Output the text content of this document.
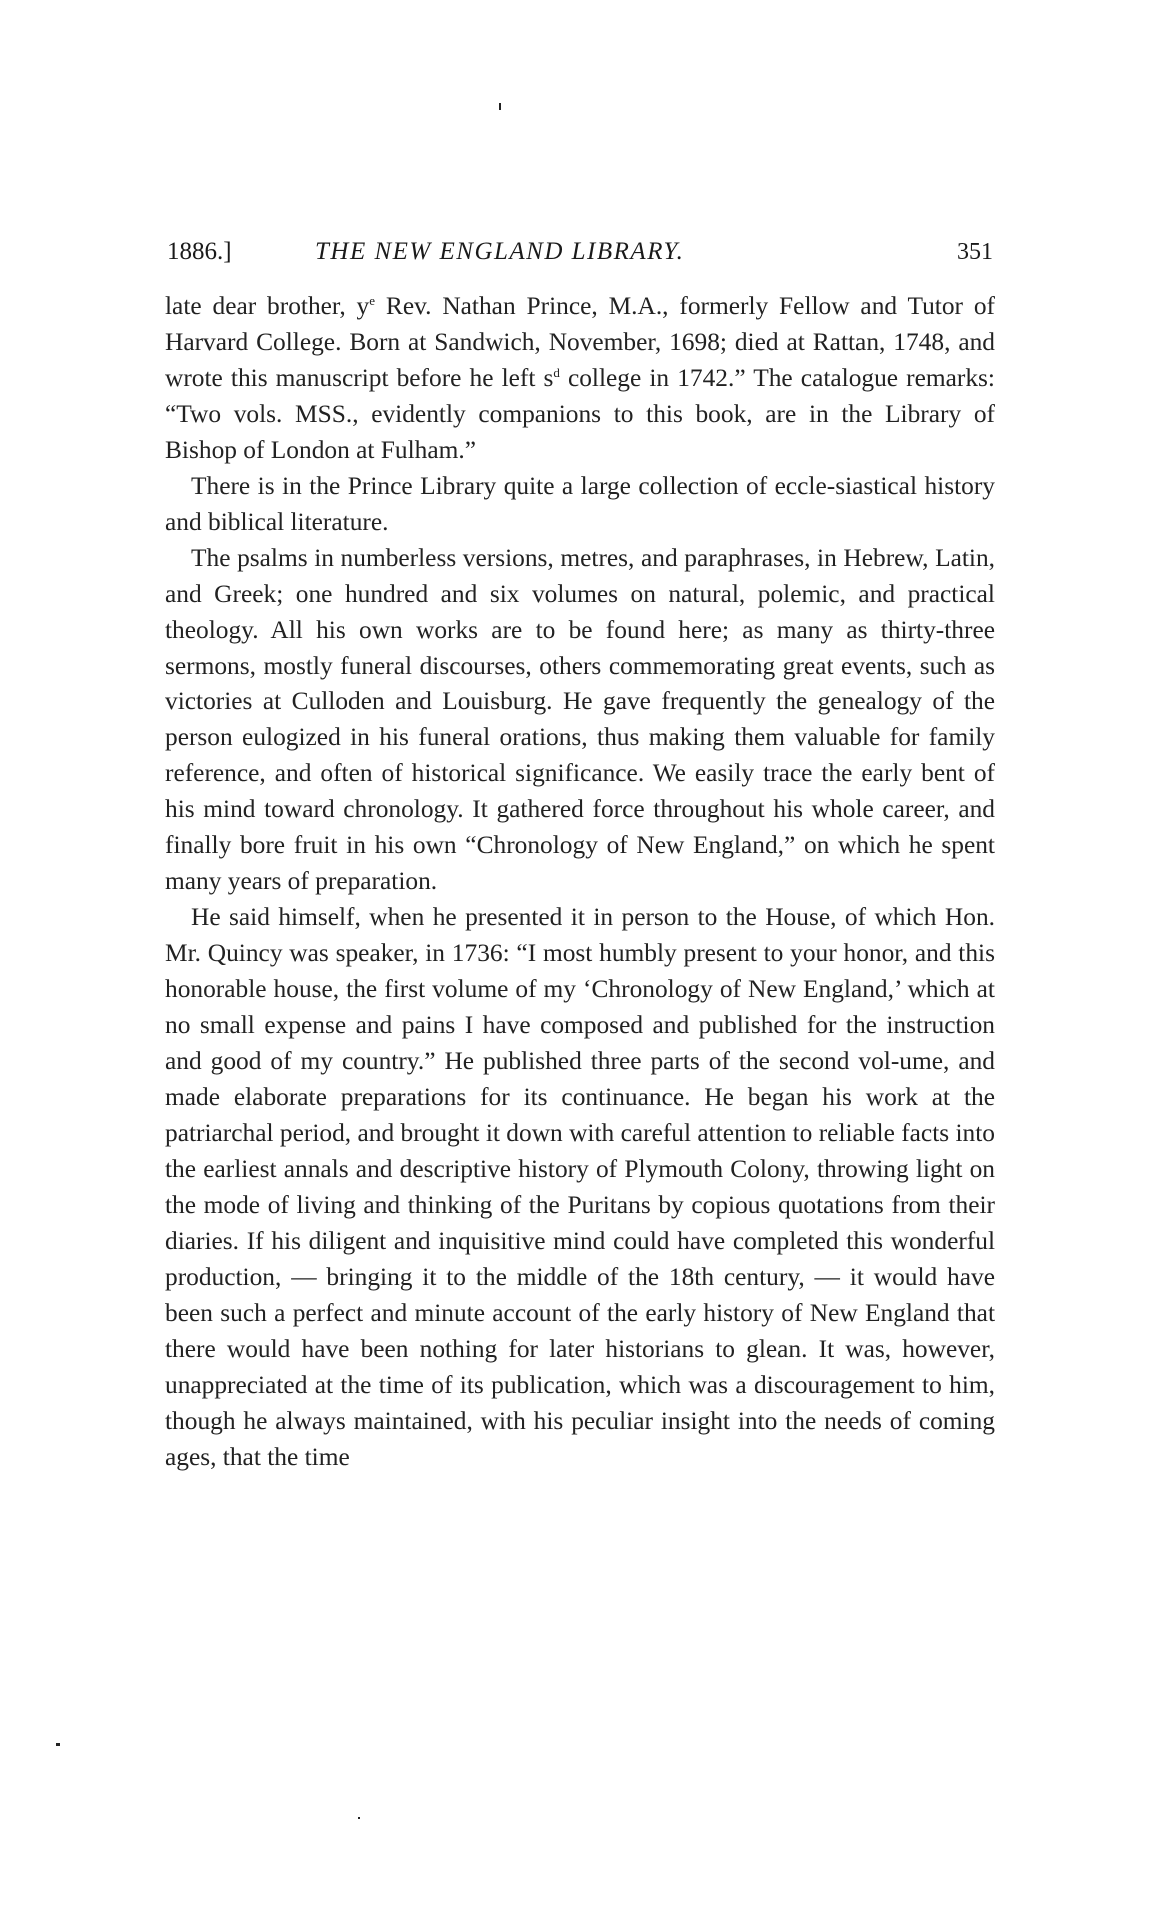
1886.]	THE NEW ENGLAND LIBRARY.	351

late dear brother, $y^e$ Rev. Nathan Prince, M.A., formerly Fellow and Tutor of Harvard College. Born at Sandwich, November, 1698; died at Rattan, 1748, and wrote this manuscript before he left $s^d$ college in 1742.” The catalogue remarks: “Two vols. MSS., evidently companions to this book, are in the Library of Bishop of London at Fulham.”

There is in the Prince Library quite a large collection of eccle-siastical history and biblical literature.

The psalms in numberless versions, metres, and paraphrases, in Hebrew, Latin, and Greek; one hundred and six volumes on natural, polemic, and practical theology. All his own works are to be found here; as many as thirty-three sermons, mostly funeral discourses, others commemorating great events, such as victories at Culloden and Louisburg. He gave frequently the genealogy of the person eulogized in his funeral orations, thus making them valuable for family reference, and often of historical significance. We easily trace the early bent of his mind toward chronology. It gathered force throughout his whole career, and finally bore fruit in his own “Chronology of New England,” on which he spent many years of preparation.

He said himself, when he presented it in person to the House, of which Hon. Mr. Quincy was speaker, in 1736: “I most humbly present to your honor, and this honorable house, the first volume of my ‘Chronology of New England,’ which at no small expense and pains I have composed and published for the instruction and good of my country.” He published three parts of the second vol-ume, and made elaborate preparations for its continuance. He began his work at the patriarchal period, and brought it down with careful attention to reliable facts into the earliest annals and descriptive history of Plymouth Colony, throwing light on the mode of living and thinking of the Puritans by copious quotations from their diaries. If his diligent and inquisitive mind could have completed this wonderful production, — bringing it to the middle of the 18th century, — it would have been such a perfect and minute account of the early history of New England that there would have been nothing for later historians to glean. It was, however, unappreciated at the time of its publication, which was a discouragement to him, though he always maintained, with his peculiar insight into the needs of coming ages, that the time
